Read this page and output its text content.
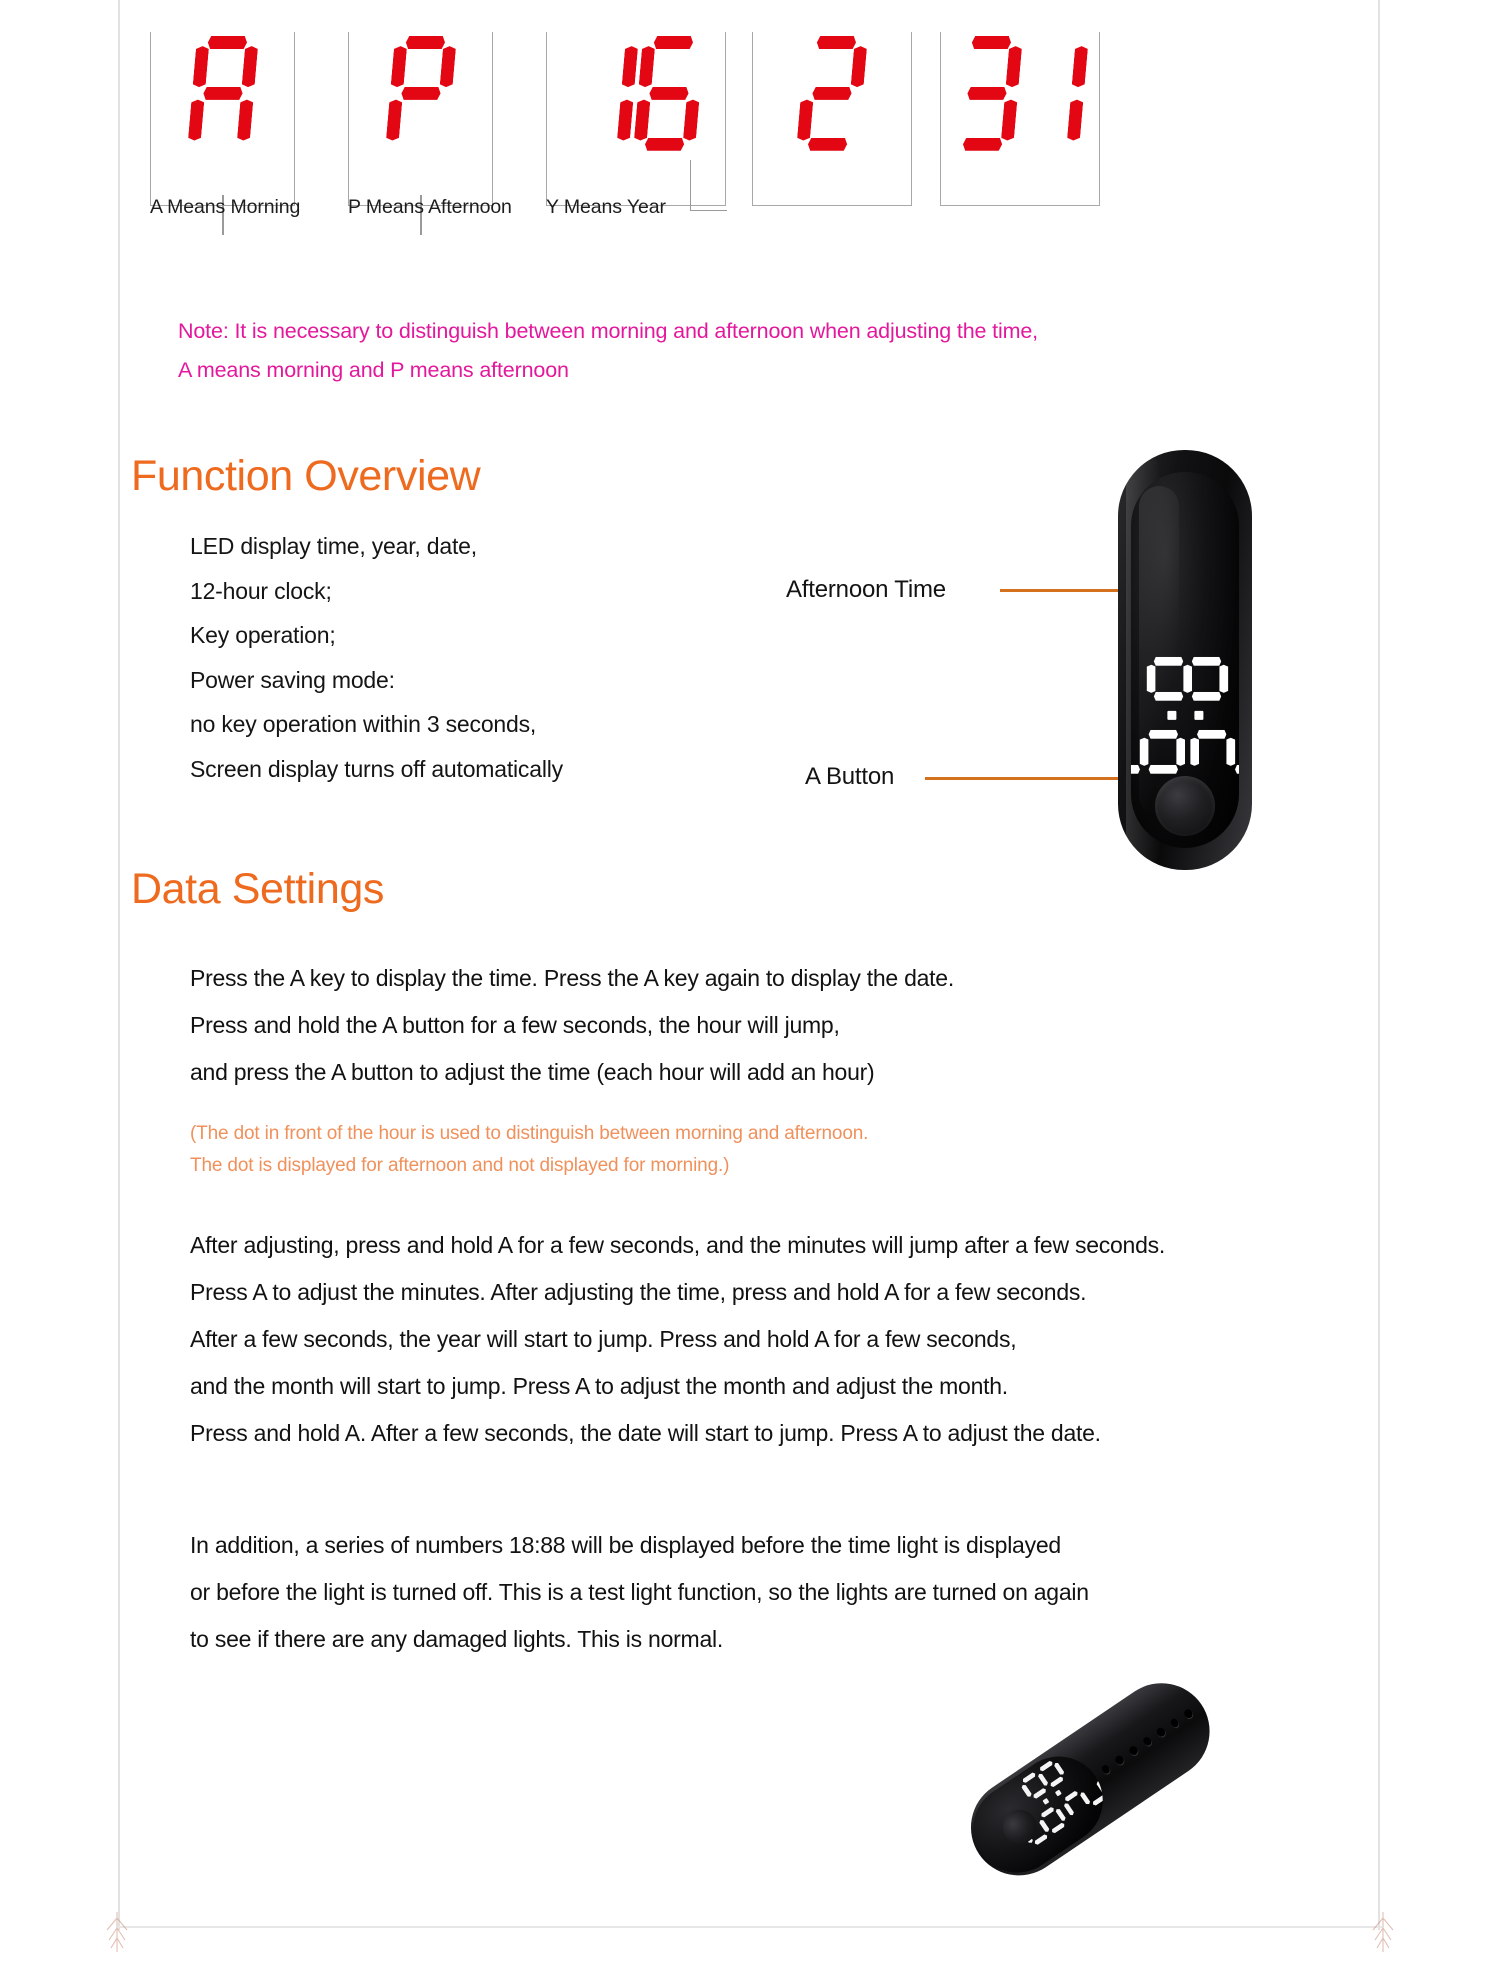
A Means Morning P Means Afternoon Y Means Year
Note: It is necessary to distinguish between morning and afternoon when adjusting the time,
A means morning and P means afternoon
Function Overview
LED display time, year, date,
12-hour clock;
Key operation;
Power saving mode:
no key operation within 3 seconds,
Screen display turns off automatically
Afternoon Time
A Button
Data Settings
Press the A key to display the time. Press the A key again to display the date.
Press and hold the A button for a few seconds, the hour will jump,
and press the A button to adjust the time (each hour will add an hour)
(The dot in front of the hour is used to distinguish between morning and afternoon.
The dot is displayed for afternoon and not displayed for morning.)
After adjusting, press and hold A for a few seconds, and the minutes will jump after a few seconds.
Press A to adjust the minutes. After adjusting the time, press and hold A for a few seconds.
After a few seconds, the year will start to jump. Press and hold A for a few seconds,
and the month will start to jump. Press A to adjust the month and adjust the month.
Press and hold A. After a few seconds, the date will start to jump. Press A to adjust the date.
In addition, a series of numbers 18:88 will be displayed before the time light is displayed
or before the light is turned off. This is a test light function, so the lights are turned on again
to see if there are any damaged lights. This is normal.
